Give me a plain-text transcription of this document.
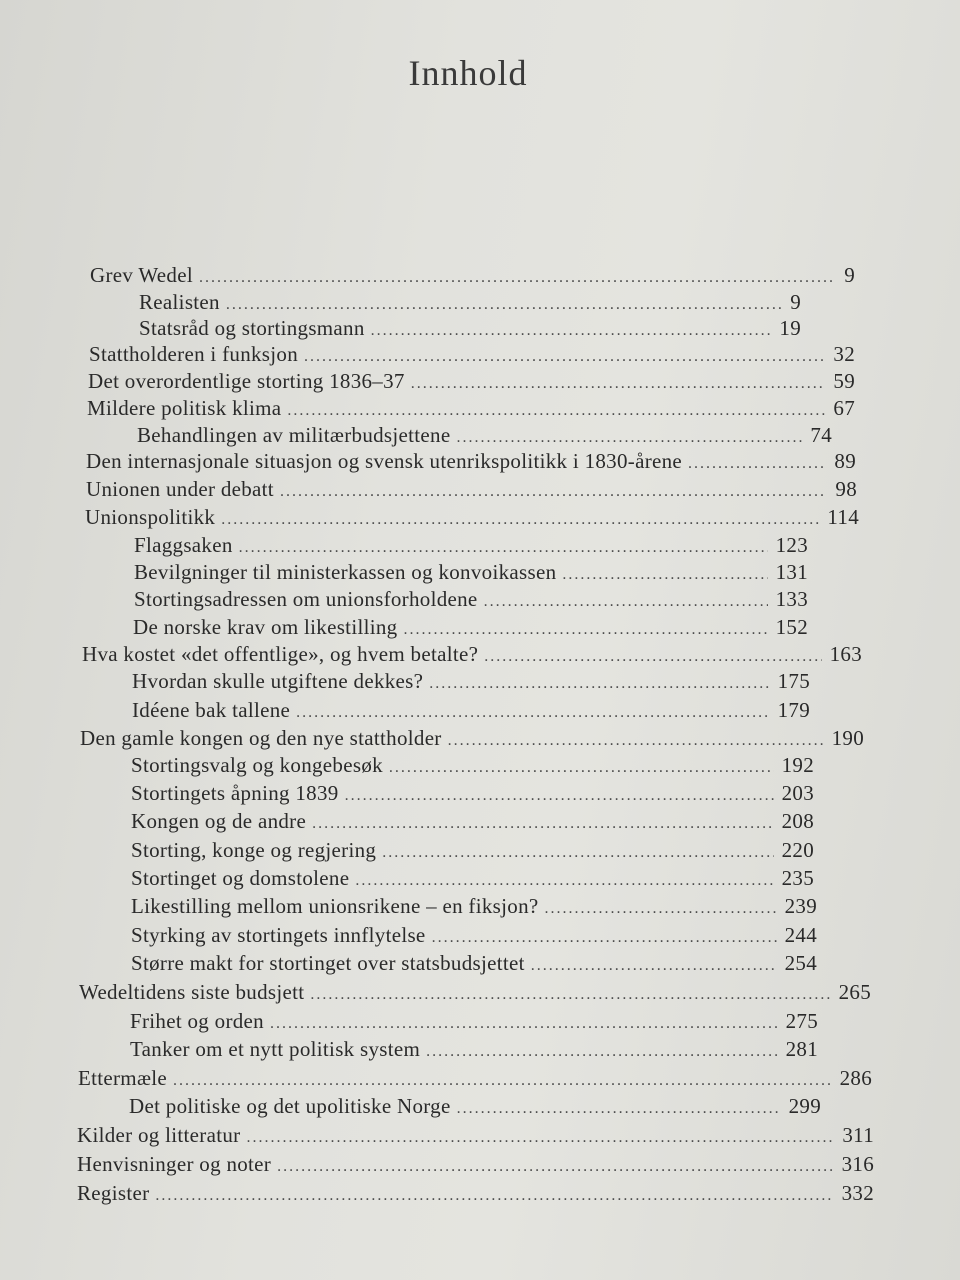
Innhold
Grev Wedel . . .	9
Realisten . . .	9
Statsråd og stortingsmann . . .	19
Stattholderen i funksjon . . .	32
Det overordentlige storting 1836–37 . . .	59
Mildere politisk klima . . .	67
Behandlingen av militærbudsjettene . . .	74
Den internasjonale situasjon og svensk utenrikspolitikk i 1830-årene . . .	89
Unionen under debatt . . .	98
Unionspolitikk . . .	114
Flaggsaken . . .	123
Bevilgninger til ministerkassen og konvoikassen . . .	131
Stortingsadressen om unionsforholdene . . .	133
De norske krav om likestilling . . .	152
Hva kostet «det offentlige», og hvem betalte? . . .	163
Hvordan skulle utgiftene dekkes? . . .	175
Idéene bak tallene . . .	179
Den gamle kongen og den nye stattholder . . .	190
Stortingsvalg og kongebesøk . . .	192
Stortingets åpning 1839 . . .	203
Kongen og de andre . . .	208
Storting, konge og regjering . . .	220
Stortinget og domstolene . . .	235
Likestilling mellom unionsrikene – en fiksjon? . . .	239
Styrking av stortingets innflytelse . . .	244
Større makt for stortinget over statsbudsjettet . . .	254
Wedeltidens siste budsjett . . .	265
Frihet og orden . . .	275
Tanker om et nytt politisk system . . .	281
Ettermæle . . .	286
Det politiske og det upolitiske Norge . . .	299
Kilder og litteratur . . .	311
Henvisninger og noter . . .	316
Register . . .	332
